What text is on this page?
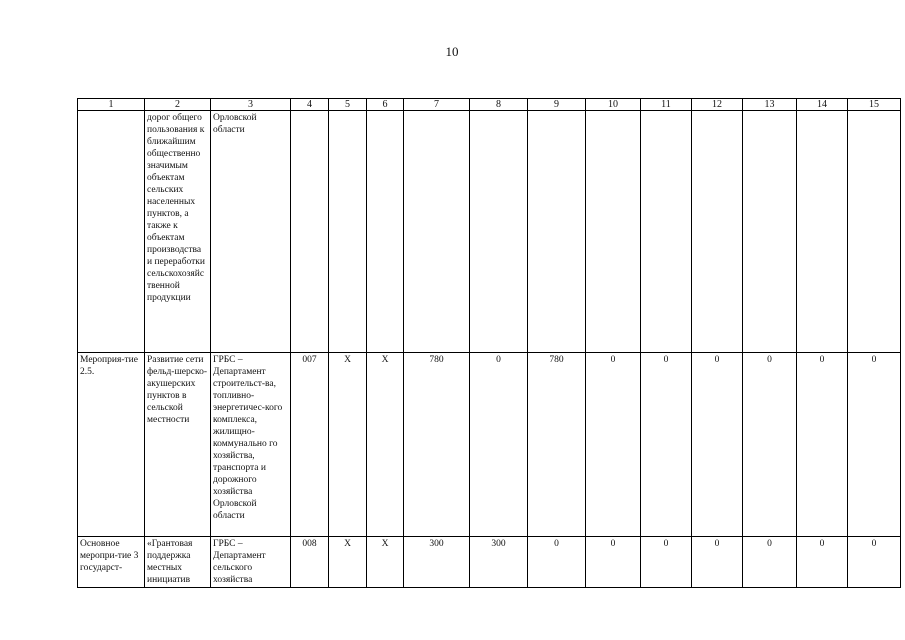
10
1	2	3	4	5	6	7	8	9	10	11	12	13	14	15
	дорог общего пользования к ближайшим общественно значимым объектам сельских населенных пунктов, а также к объектам производства и переработки сельскохозяйственной продукции	Орловской области												
Мероприя-тие 2.5.	Развитие сети фельд-шерско-акушерских пунктов в сельской местности	ГРБС – Департамент строительст-ва, топливно-энергетичес-кого комплекса, жилищно-коммунально го хозяйства, транспорта и дорожного хозяйства Орловской области	007	Х	Х	780	0	780	0	0	0	0	0	0
Основное меропри-тие 3 государст-	«Грантовая поддержка местных инициатив	ГРБС – Департамент сельского хозяйства	008	Х	Х	300	300	0	0	0	0	0	0	0
